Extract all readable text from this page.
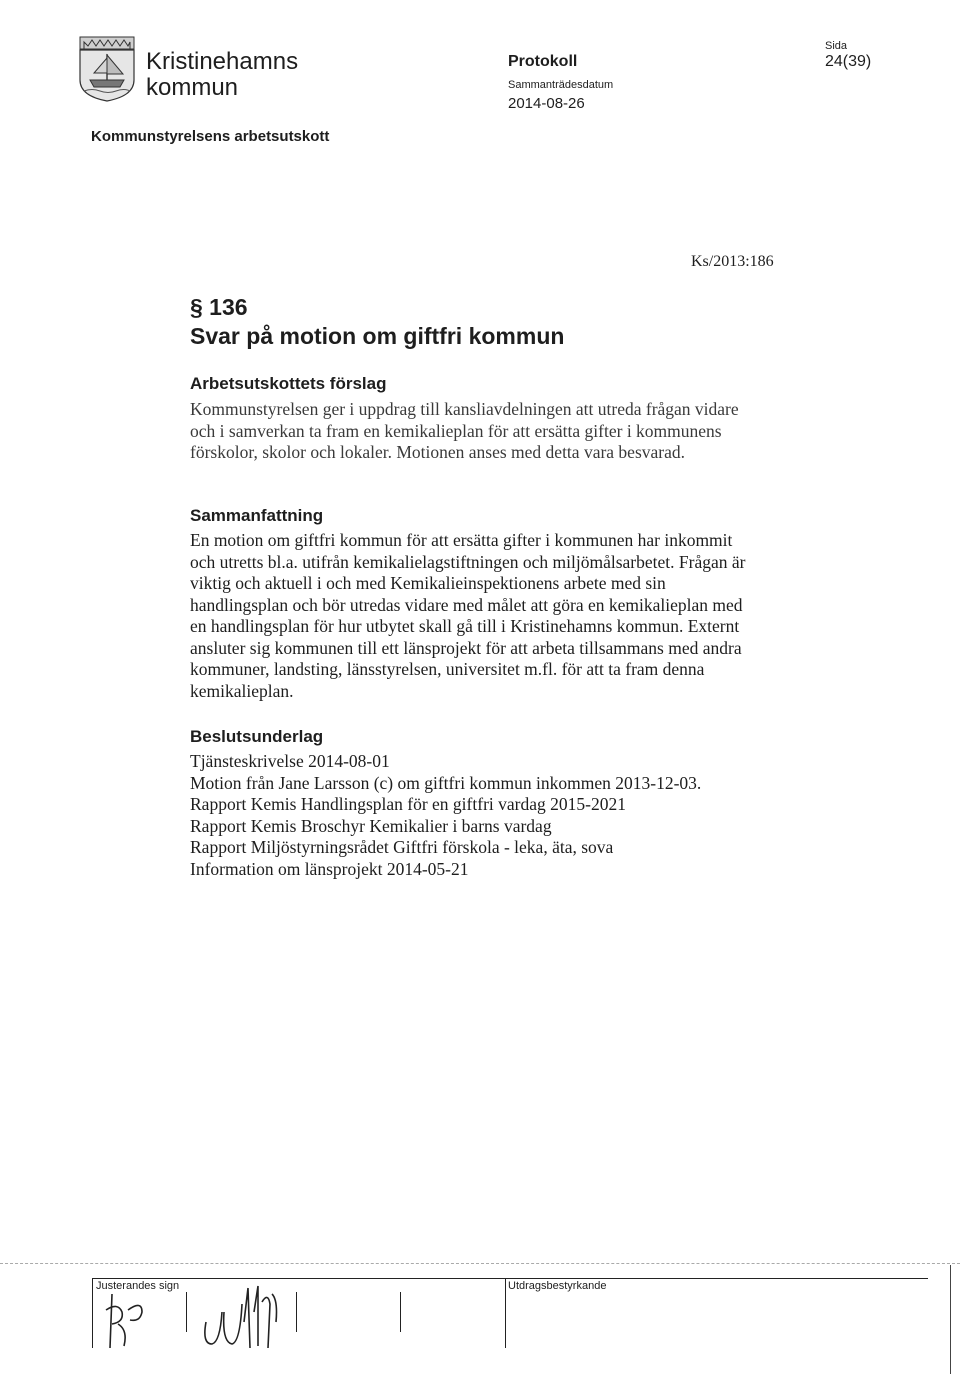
Kristinehamns
kommun
Protokoll
Sammanträdesdatum
2014-08-26
Sida
24(39)
Kommunstyrelsens arbetsutskott
Ks/2013:186
§ 136
Svar på motion om giftfri kommun
Arbetsutskottets förslag
Kommunstyrelsen ger i uppdrag till kansliavdelningen att utreda frågan vidare
och i samverkan ta fram en kemikalieplan för att ersätta gifter i kommunens
förskolor, skolor och lokaler. Motionen anses med detta vara besvarad.
Sammanfattning
En motion om giftfri kommun för att ersätta gifter i kommunen har inkommit
och utretts bl.a. utifrån kemikalielagstiftningen och miljömålsarbetet. Frågan är
viktig och aktuell i och med Kemikalieinspektionens arbete med sin
handlingsplan och bör utredas vidare med målet att göra en kemikalieplan med
en handlingsplan för hur utbytet skall gå till i Kristinehamns kommun. Externt
ansluter sig kommunen till ett länsprojekt för att arbeta tillsammans med andra
kommuner, landsting, länsstyrelsen, universitet m.fl. för att ta fram denna
kemikalieplan.
Beslutsunderlag
Tjänsteskrivelse 2014-08-01
Motion från Jane Larsson (c) om giftfri kommun inkommen 2013-12-03.
Rapport Kemis Handlingsplan för en giftfri vardag 2015-2021
Rapport Kemis Broschyr Kemikalier i barns vardag
Rapport Miljöstyrningsrådet Giftfri förskola - leka, äta, sova
Information om länsprojekt 2014-05-21
Justerandes sign	Utdragsbestyrkande
